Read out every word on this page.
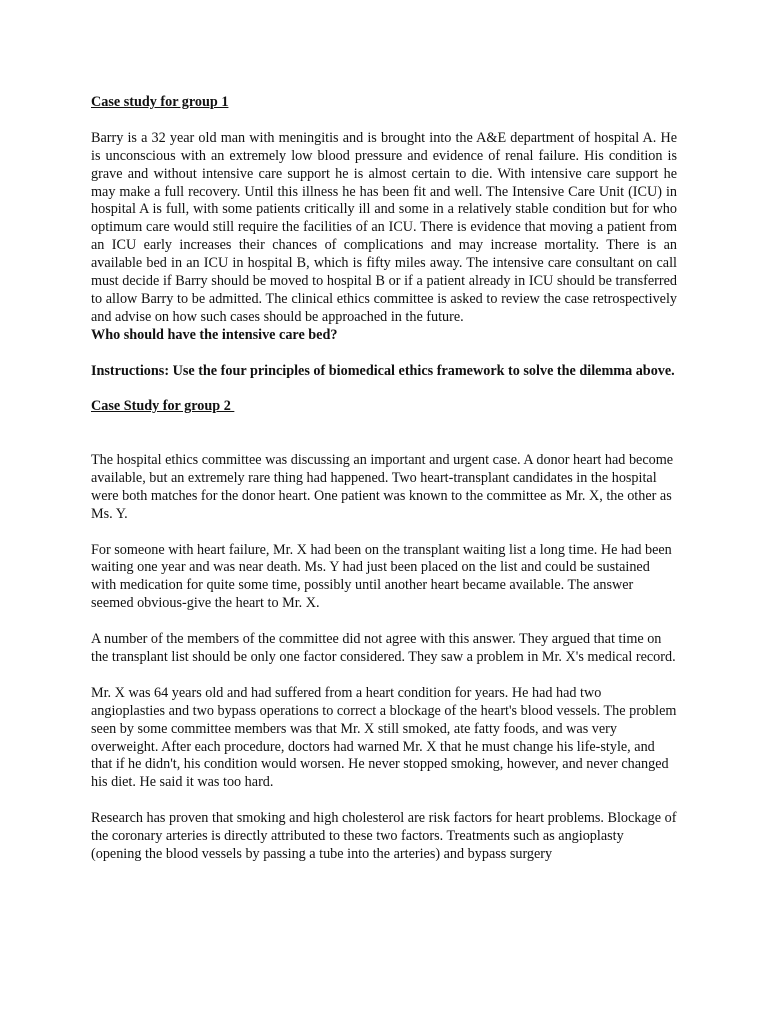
Case study for group 1

Barry is a 32 year old man with meningitis and is brought into the A&E department of hospital A. He is unconscious with an extremely low blood pressure and evidence of renal failure. His condition is grave and without intensive care support he is almost certain to die. With intensive care support he may make a full recovery. Until this illness he has been fit and well. The Intensive Care Unit (ICU) in hospital A is full, with some patients critically ill and some in a relatively stable condition but for who optimum care would still require the facilities of an ICU. There is evidence that moving a patient from an ICU early increases their chances of complications and may increase mortality. There is an available bed in an ICU in hospital B, which is fifty miles away. The intensive care consultant on call must decide if Barry should be moved to hospital B or if a patient already in ICU should be transferred to allow Barry to be admitted. The clinical ethics committee is asked to review the case retrospectively and advise on how such cases should be approached in the future.

Who should have the intensive care bed?

Instructions: Use the four principles of biomedical ethics framework to solve the dilemma above.

Case Study for group 2

The hospital ethics committee was discussing an important and urgent case. A donor heart had become available, but an extremely rare thing had happened. Two heart-transplant candidates in the hospital were both matches for the donor heart. One patient was known to the committee as Mr. X, the other as Ms. Y.

For someone with heart failure, Mr. X had been on the transplant waiting list a long time. He had been waiting one year and was near death. Ms. Y had just been placed on the list and could be sustained with medication for quite some time, possibly until another heart became available. The answer seemed obvious-give the heart to Mr. X.

A number of the members of the committee did not agree with this answer. They argued that time on the transplant list should be only one factor considered. They saw a problem in Mr. X's medical record.

Mr. X was 64 years old and had suffered from a heart condition for years. He had had two angioplasties and two bypass operations to correct a blockage of the heart's blood vessels. The problem seen by some committee members was that Mr. X still smoked, ate fatty foods, and was very overweight. After each procedure, doctors had warned Mr. X that he must change his life-style, and that if he didn't, his condition would worsen. He never stopped smoking, however, and never changed his diet. He said it was too hard.

Research has proven that smoking and high cholesterol are risk factors for heart problems. Blockage of the coronary arteries is directly attributed to these two factors. Treatments such as angioplasty (opening the blood vessels by passing a tube into the arteries) and bypass surgery
